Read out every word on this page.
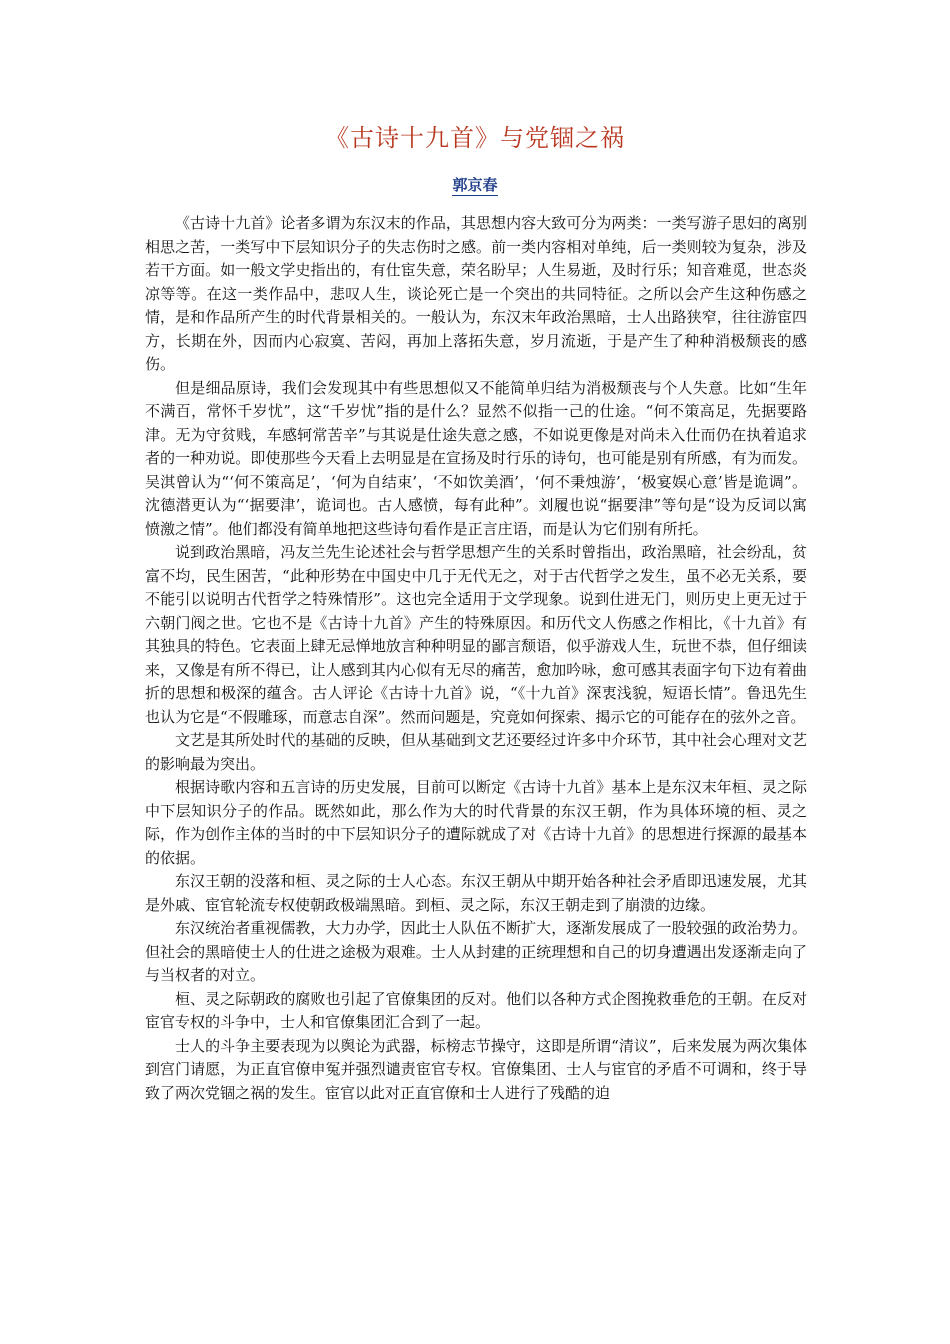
《古诗十九首》与党锢之祸
郭京春

《古诗十九首》论者多谓为东汉末的作品，其思想内容大致可分为两类：一类写游子思妇的离别相思之苦，一类写中下层知识分子的失志伤时之感。前一类内容相对单纯，后一类则较为复杂，涉及若干方面。如一般文学史指出的，有仕宦失意，荣名盼早；人生易逝，及时行乐；知音难觅，世态炎凉等等。在这一类作品中，悲叹人生，谈论死亡是一个突出的共同特征。之所以会产生这种伤感之情，是和作品所产生的时代背景相关的。一般认为，东汉末年政治黑暗，士人出路狭窄，往往游宦四方，长期在外，因而内心寂寞、苦闷，再加上落拓失意，岁月流逝，于是产生了种种消极颓丧的感伤。

但是细品原诗，我们会发现其中有些思想似又不能简单归结为消极颓丧与个人失意。比如“生年不满百，常怀千岁忧”，这“千岁忧”指的是什么？显然不似指一己的仕途。“何不策高足，先据要路津。无为守贫贱，车感轲常苦辛”与其说是仕途失意之感，不如说更像是对尚未入仕而仍在执着追求者的一种劝说。即使那些今天看上去明显是在宣扬及时行乐的诗句，也可能是别有所感，有为而发。吴淇曾认为“‘何不策高足’，‘何为自结束’，‘不如饮美酒’，‘何不秉烛游’，‘极宴娱心意’皆是诡调”。沈德潜更认为“‘据要津’，诡词也。古人感愤，每有此种”。刘履也说“据要津”等句是“设为反词以寓愤激之情”。他们都没有简单地把这些诗句看作是正言庄语，而是认为它们别有所托。

说到政治黑暗，冯友兰先生论述社会与哲学思想产生的关系时曾指出，政治黑暗，社会纷乱，贫富不均，民生困苦，“此种形势在中国史中几于无代无之，对于古代哲学之发生，虽不必无关系，要不能引以说明古代哲学之特殊情形”。这也完全适用于文学现象。说到仕进无门，则历史上更无过于六朝门阀之世。它也不是《古诗十九首》产生的特殊原因。和历代文人伤感之作相比，《十九首》有其独具的特色。它表面上肆无忌惮地放言种种明显的鄙言颓语，似乎游戏人生，玩世不恭，但仔细读来，又像是有所不得已，让人感到其内心似有无尽的痛苦，愈加吟咏，愈可感其表面字句下边有着曲折的思想和极深的蕴含。古人评论《古诗十九首》说，“《十九首》深衷浅貌，短语长情”。鲁迅先生也认为它是“不假雕琢，而意志自深”。然而问题是，究竟如何探索、揭示它的可能存在的弦外之音。

文艺是其所处时代的基础的反映，但从基础到文艺还要经过许多中介环节，其中社会心理对文艺的影响最为突出。

根据诗歌内容和五言诗的历史发展，目前可以断定《古诗十九首》基本上是东汉末年桓、灵之际中下层知识分子的作品。既然如此，那么作为大的时代背景的东汉王朝，作为具体环境的桓、灵之际，作为创作主体的当时的中下层知识分子的遭际就成了对《古诗十九首》的思想进行探源的最基本的依据。

东汉王朝的没落和桓、灵之际的士人心态。东汉王朝从中期开始各种社会矛盾即迅速发展，尤其是外戚、宦官轮流专权使朝政极端黑暗。到桓、灵之际，东汉王朝走到了崩溃的边缘。

东汉统治者重视儒教，大力办学，因此士人队伍不断扩大，逐渐发展成了一股较强的政治势力。但社会的黑暗使士人的仕进之途极为艰难。士人从封建的正统理想和自己的切身遭遇出发逐渐走向了与当权者的对立。

桓、灵之际朝政的腐败也引起了官僚集团的反对。他们以各种方式企图挽救垂危的王朝。在反对宦官专权的斗争中，士人和官僚集团汇合到了一起。

士人的斗争主要表现为以舆论为武器，标榜志节操守，这即是所谓“清议”，后来发展为两次集体到宫门请愿，为正直官僚申冤并强烈谴责宦官专权。官僚集团、士人与宦官的矛盾不可调和，终于导致了两次党锢之祸的发生。宦官以此对正直官僚和士人进行了残酷的迫
